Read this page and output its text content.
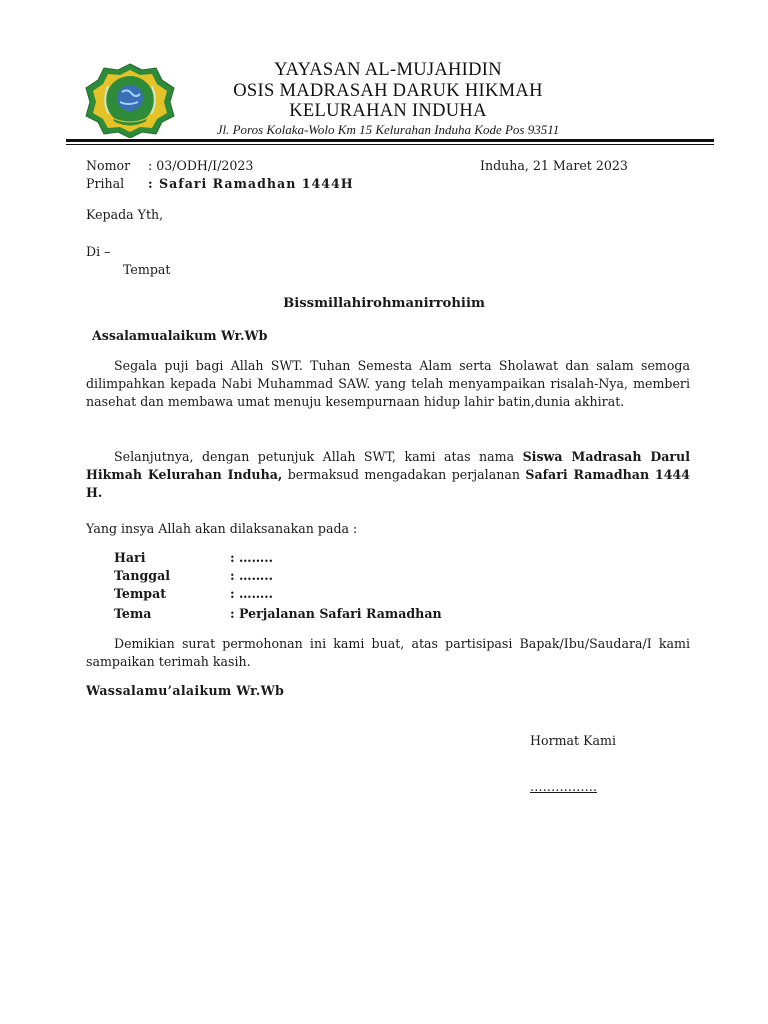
YAYASAN AL-MUJAHIDIN
OSIS MADRASAH DARUK HIKMAH
KELURAHAN INDUHA
Jl. Poros Kolaka-Wolo Km 15 Kelurahan Induha Kode Pos 93511
Nomor : 03/ODH/I/2023	Induha, 21 Maret 2023
Prihal : Safari Ramadhan 1444H
Kepada Yth,
Di –
Tempat
Bissmillahirohmanirrohiim
Assalamualaikum Wr.Wb
Segala puji bagi Allah SWT. Tuhan Semesta Alam serta Sholawat dan salam semoga dilimpahkan kepada Nabi Muhammad SAW. yang telah menyampaikan risalah-Nya, memberi nasehat dan membawa umat menuju kesempurnaan hidup lahir batin,dunia akhirat.
Selanjutnya, dengan petunjuk Allah SWT, kami atas nama Siswa Madrasah Darul Hikmah Kelurahan Induha, bermaksud mengadakan perjalanan Safari Ramadhan 1444 H.
Yang insya Allah akan dilaksanakan pada :
Hari	: ……..
Tanggal	: ……..
Tempat	: ……..
Tema	: Perjalanan Safari Ramadhan
Demikian surat permohonan ini kami buat, atas partisipasi Bapak/Ibu/Saudara/I kami sampaikan terimah kasih.
Wassalamu’alaikum Wr.Wb
Hormat Kami
…………….
